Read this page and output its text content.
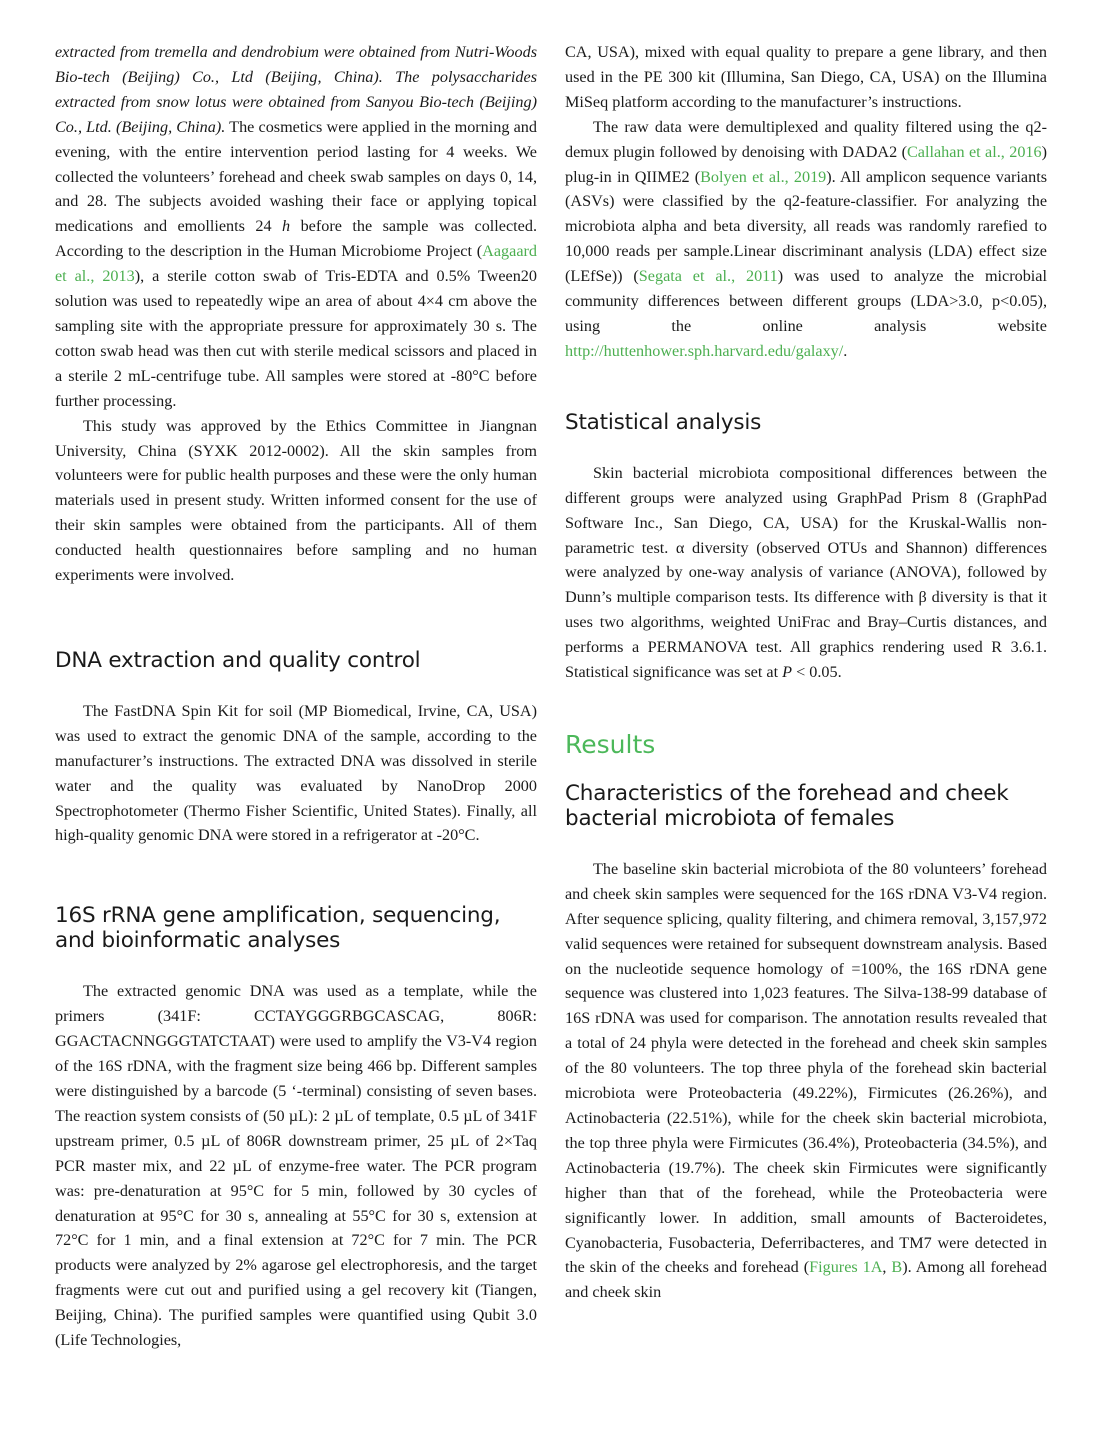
extracted from tremella and dendrobium were obtained from Nutri-Woods Bio-tech (Beijing) Co., Ltd (Beijing, China). The polysaccharides extracted from snow lotus were obtained from Sanyou Bio-tech (Beijing) Co., Ltd. (Beijing, China). The cosmetics were applied in the morning and evening, with the entire intervention period lasting for 4 weeks. We collected the volunteers’ forehead and cheek swab samples on days 0, 14, and 28. The subjects avoided washing their face or applying topical medications and emollients 24 h before the sample was collected. According to the description in the Human Microbiome Project (Aagaard et al., 2013), a sterile cotton swab of Tris-EDTA and 0.5% Tween20 solution was used to repeatedly wipe an area of about 4×4 cm above the sampling site with the appropriate pressure for approximately 30 s. The cotton swab head was then cut with sterile medical scissors and placed in a sterile 2 mL-centrifuge tube. All samples were stored at -80°C before further processing.

This study was approved by the Ethics Committee in Jiangnan University, China (SYXK 2012-0002). All the skin samples from volunteers were for public health purposes and these were the only human materials used in present study. Written informed consent for the use of their skin samples were obtained from the participants. All of them conducted health questionnaires before sampling and no human experiments were involved.

DNA extraction and quality control

The FastDNA Spin Kit for soil (MP Biomedical, Irvine, CA, USA) was used to extract the genomic DNA of the sample, according to the manufacturer’s instructions. The extracted DNA was dissolved in sterile water and the quality was evaluated by NanoDrop 2000 Spectrophotometer (Thermo Fisher Scientific, United States). Finally, all high-quality genomic DNA were stored in a refrigerator at -20°C.

16S rRNA gene amplification, sequencing, and bioinformatic analyses

The extracted genomic DNA was used as a template, while the primers (341F: CCTAYGGGRBGCASCAG, 806R: GGACTACNNGGGTATCTAAT) were used to amplify the V3-V4 region of the 16S rDNA, with the fragment size being 466 bp. Different samples were distinguished by a barcode (5 ‘-terminal) consisting of seven bases. The reaction system consists of (50 µL): 2 µL of template, 0.5 µL of 341F upstream primer, 0.5 µL of 806R downstream primer, 25 µL of 2×Taq PCR master mix, and 22 µL of enzyme-free water. The PCR program was: pre-denaturation at 95°C for 5 min, followed by 30 cycles of denaturation at 95°C for 30 s, annealing at 55°C for 30 s, extension at 72°C for 1 min, and a final extension at 72°C for 7 min. The PCR products were analyzed by 2% agarose gel electrophoresis, and the target fragments were cut out and purified using a gel recovery kit (Tiangen, Beijing, China). The purified samples were quantified using Qubit 3.0 (Life Technologies,

CA, USA), mixed with equal quality to prepare a gene library, and then used in the PE 300 kit (Illumina, San Diego, CA, USA) on the Illumina MiSeq platform according to the manufacturer’s instructions.

The raw data were demultiplexed and quality filtered using the q2-demux plugin followed by denoising with DADA2 (Callahan et al., 2016) plug-in in QIIME2 (Bolyen et al., 2019). All amplicon sequence variants (ASVs) were classified by the q2-feature-classifier. For analyzing the microbiota alpha and beta diversity, all reads was randomly rarefied to 10,000 reads per sample.Linear discriminant analysis (LDA) effect size (LEfSe)) (Segata et al., 2011) was used to analyze the microbial community differences between different groups (LDA>3.0, p<0.05), using the online analysis website http://huttenhower.sph.harvard.edu/galaxy/.

Statistical analysis

Skin bacterial microbiota compositional differences between the different groups were analyzed using GraphPad Prism 8 (GraphPad Software Inc., San Diego, CA, USA) for the Kruskal-Wallis non-parametric test. α diversity (observed OTUs and Shannon) differences were analyzed by one-way analysis of variance (ANOVA), followed by Dunn’s multiple comparison tests. Its difference with β diversity is that it uses two algorithms, weighted UniFrac and Bray–Curtis distances, and performs a PERMANOVA test. All graphics rendering used R 3.6.1. Statistical significance was set at P < 0.05.

Results
Characteristics of the forehead and cheek bacterial microbiota of females

The baseline skin bacterial microbiota of the 80 volunteers’ forehead and cheek skin samples were sequenced for the 16S rDNA V3-V4 region. After sequence splicing, quality filtering, and chimera removal, 3,157,972 valid sequences were retained for subsequent downstream analysis. Based on the nucleotide sequence homology of =100%, the 16S rDNA gene sequence was clustered into 1,023 features. The Silva-138-99 database of 16S rDNA was used for comparison. The annotation results revealed that a total of 24 phyla were detected in the forehead and cheek skin samples of the 80 volunteers. The top three phyla of the forehead skin bacterial microbiota were Proteobacteria (49.22%), Firmicutes (26.26%), and Actinobacteria (22.51%), while for the cheek skin bacterial microbiota, the top three phyla were Firmicutes (36.4%), Proteobacteria (34.5%), and Actinobacteria (19.7%). The cheek skin Firmicutes were significantly higher than that of the forehead, while the Proteobacteria were significantly lower. In addition, small amounts of Bacteroidetes, Cyanobacteria, Fusobacteria, Deferribacteres, and TM7 were detected in the skin of the cheeks and forehead (Figures 1A, B). Among all forehead and cheek skin
